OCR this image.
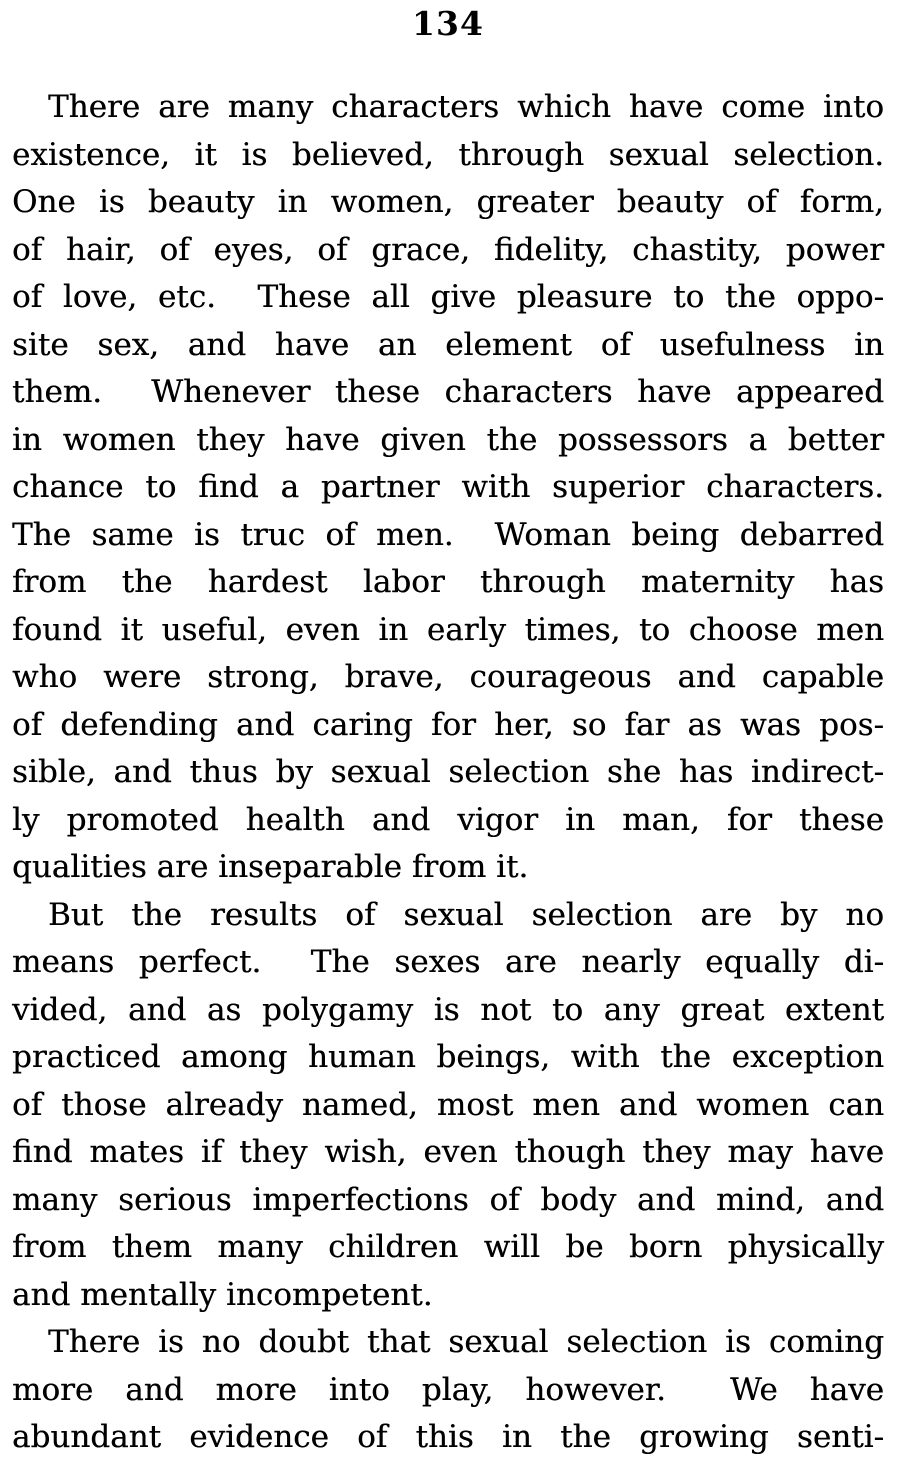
134
There are many characters which have come into
existence, it is believed, through sexual selection.
One is beauty in women, greater beauty of form,
of hair, of eyes, of grace, fidelity, chastity, power
of love, etc.  These all give pleasure to the oppo-
site sex, and have an element of usefulness in
them.  Whenever these characters have appeared
in women they have given the possessors a better
chance to find a partner with superior characters.
The same is truc of men.  Woman being debarred
from the hardest labor through maternity has
found it useful, even in early times, to choose men
who were strong, brave, courageous and capable
of defending and caring for her, so far as was pos-
sible, and thus by sexual selection she has indirect-
ly promoted health and vigor in man, for these
qualities are inseparable from it.
But the results of sexual selection are by no
means perfect.  The sexes are nearly equally di-
vided, and as polygamy is not to any great extent
practiced among human beings, with the exception
of those already named, most men and women can
find mates if they wish, even though they may have
many serious imperfections of body and mind, and
from them many children will be born physically
and mentally incompetent.
There is no doubt that sexual selection is coming
more and more into play, however.  We have
abundant evidence of this in the growing senti-
